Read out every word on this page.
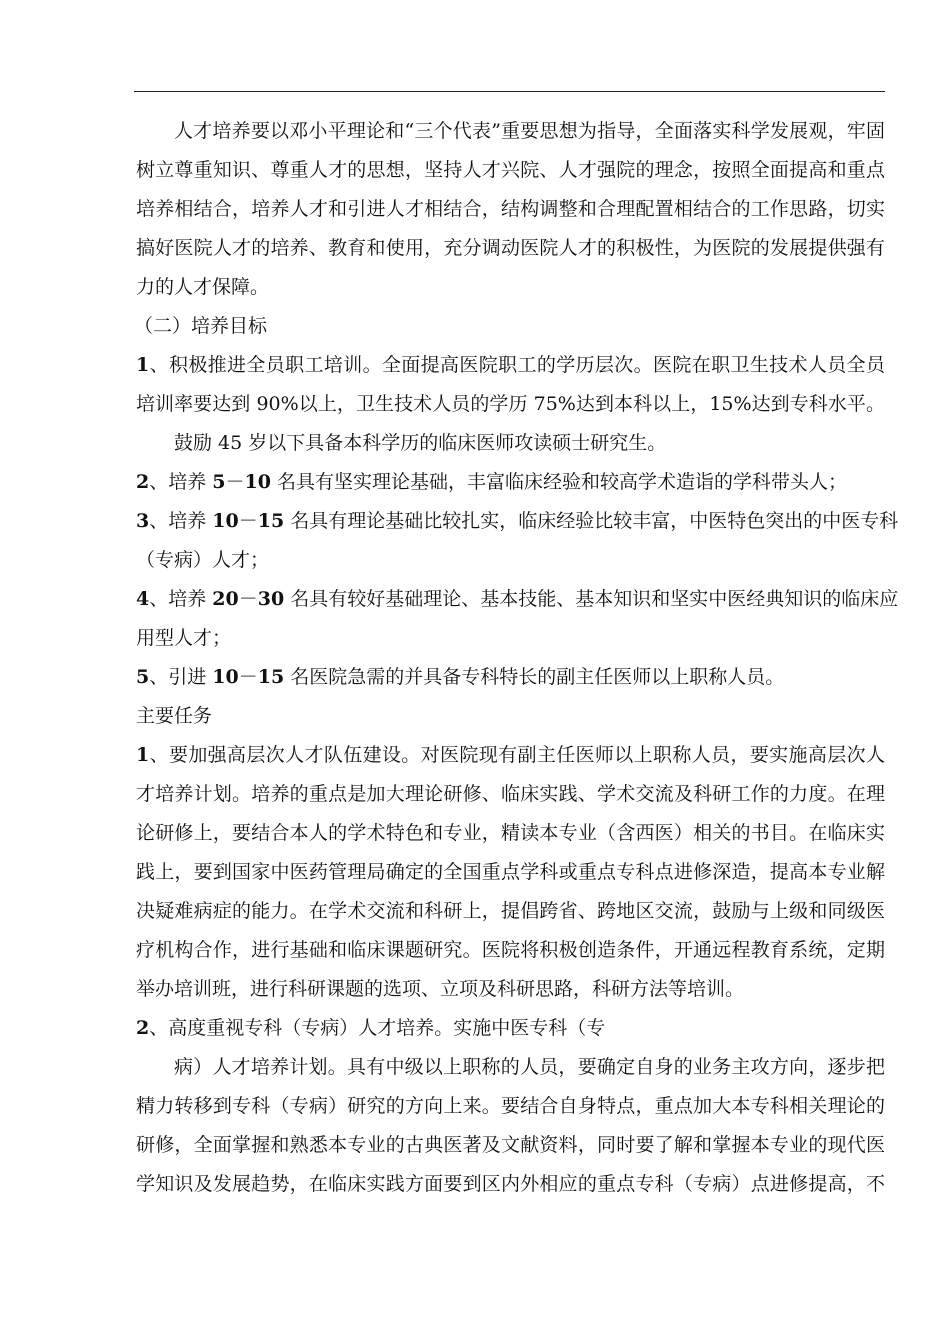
人才培养要以邓小平理论和“三个代表”重要思想为指导，全面落实科学发展观，牢固

树立尊重知识、尊重人才的思想，坚持人才兴院、人才强院的理念，按照全面提高和重点

培养相结合，培养人才和引进人才相结合，结构调整和合理配置相结合的工作思路，切实

搞好医院人才的培养、教育和使用，充分调动医院人才的积极性，为医院的发展提供强有

力的人才保障。

（二）培养目标

1、积极推进全员职工培训。全面提高医院职工的学历层次。医院在职卫生技术人员全员

培训率要达到 90%以上，卫生技术人员的学历 75%达到本科以上，15%达到专科水平。

鼓励 45 岁以下具备本科学历的临床医师攻读硕士研究生。

2、培养 5－10 名具有坚实理论基础，丰富临床经验和较高学术造诣的学科带头人；

3、培养 10－15 名具有理论基础比较扎实，临床经验比较丰富，中医特色突出的中医专科

（专病）人才；

4、培养 20－30 名具有较好基础理论、基本技能、基本知识和坚实中医经典知识的临床应

用型人才；

5、引进 10－15 名医院急需的并具备专科特长的副主任医师以上职称人员。

主要任务

1、要加强高层次人才队伍建设。对医院现有副主任医师以上职称人员，要实施高层次人

才培养计划。培养的重点是加大理论研修、临床实践、学术交流及科研工作的力度。在理

论研修上，要结合本人的学术特色和专业，精读本专业（含西医）相关的书目。在临床实

践上，要到国家中医药管理局确定的全国重点学科或重点专科点进修深造，提高本专业解

决疑难病症的能力。在学术交流和科研上，提倡跨省、跨地区交流，鼓励与上级和同级医

疗机构合作，进行基础和临床课题研究。医院将积极创造条件，开通远程教育系统，定期

举办培训班，进行科研课题的选项、立项及科研思路，科研方法等培训。

2、高度重视专科（专病）人才培养。实施中医专科（专

病）人才培养计划。具有中级以上职称的人员，要确定自身的业务主攻方向，逐步把

精力转移到专科（专病）研究的方向上来。要结合自身特点，重点加大本专科相关理论的

研修，全面掌握和熟悉本专业的古典医著及文献资料，同时要了解和掌握本专业的现代医

学知识及发展趋势，在临床实践方面要到区内外相应的重点专科（专病）点进修提高，不
